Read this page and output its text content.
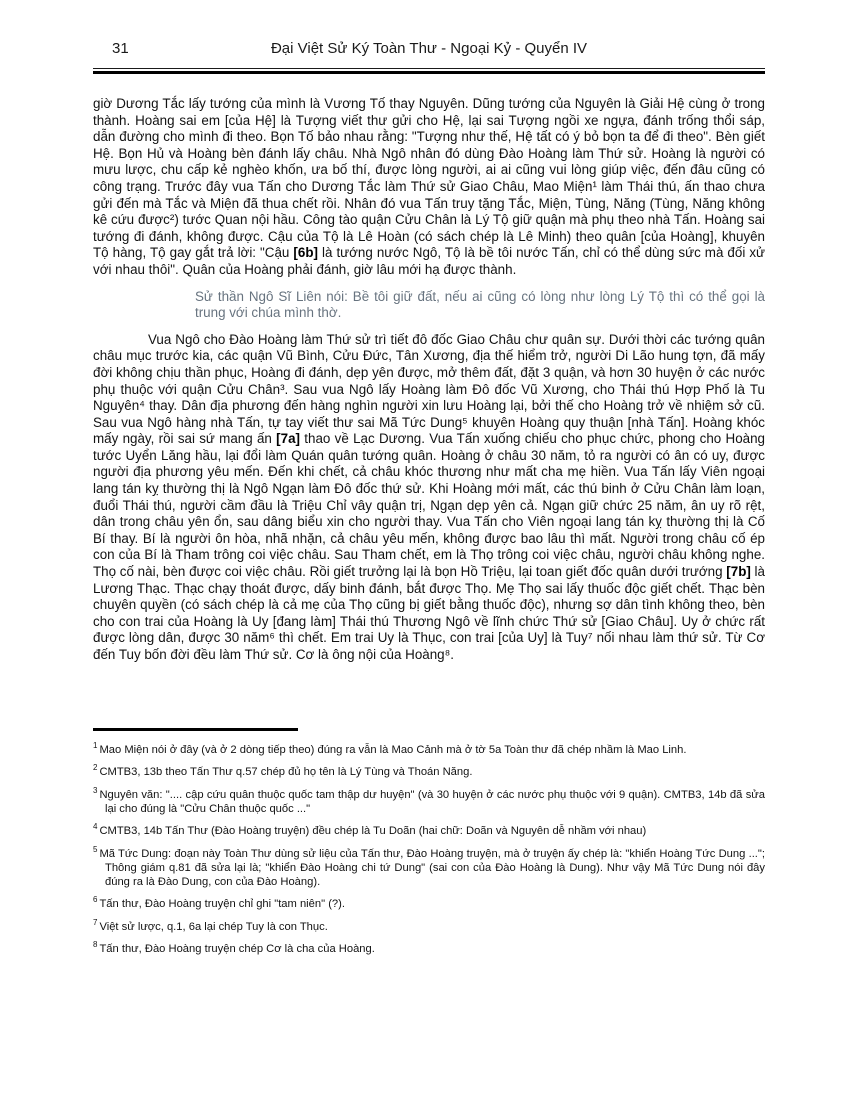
31	Đại Việt Sử Ký Toàn Thư - Ngoại Kỷ - Quyển IV

giờ Dương Tắc lấy tướng của mình là Vương Tố thay Nguyên. Dũng tướng của Nguyên là Giải Hệ cùng ở trong thành. Hoàng sai em [của Hệ] là Tượng viết thư gửi cho Hệ, lại sai Tượng ngồi xe ngựa, đánh trống thổi sáp, dẫn đường cho mình đi theo. Bọn Tố bảo nhau rằng: "Tượng như thế, Hệ tất có ý bỏ bọn ta để đi theo". Bèn giết Hệ. Bọn Hủ và Hoàng bèn đánh lấy châu. Nhà Ngô nhân đó dùng Đào Hoàng làm Thứ sử. Hoàng là người có mưu lược, chu cấp kẻ nghèo khốn, ưa bố thí, được lòng người, ai ai cũng vui lòng giúp việc, đến đâu cũng có công trạng. Trước đây vua Tấn cho Dương Tắc làm Thứ sử Giao Châu, Mao Miện¹ làm Thái thú, ấn thao chưa gửi đến mà Tắc và Miện đã thua chết rồi. Nhân đó vua Tấn truy tặng Tắc, Miện, Tùng, Năng (Tùng, Năng không kê cứu được²) tước Quan nội hầu. Công tào quận Cửu Chân là Lý Tộ giữ quận mà phụ theo nhà Tấn. Hoàng sai tướng đi đánh, không được. Cậu của Tộ là Lê Hoàn (có sách chép là Lê Minh) theo quân [của Hoàng], khuyên Tộ hàng, Tộ gay gắt trả lời: "Cậu [6b] là tướng nước Ngô, Tộ là bề tôi nước Tấn, chỉ có thể dùng sức mà đối xử với nhau thôi". Quân của Hoàng phải đánh, giờ lâu mới hạ được thành.

Sử thần Ngô Sĩ Liên nói: Bề tôi giữ đất, nếu ai cũng có lòng như lòng Lý Tộ thì có thể gọi là trung với chúa mình thờ.

Vua Ngô cho Đào Hoàng làm Thứ sử trì tiết đô đốc Giao Châu chư quân sự. Dưới thời các tướng quân châu mục trước kia, các quận Vũ Bình, Cửu Đức, Tân Xương, địa thế hiểm trở, người Di Lão hung tợn, đã mấy đời không chịu thần phục, Hoàng đi đánh, dẹp yên được, mở thêm đất, đặt 3 quận, và hơn 30 huyện ở các nước phụ thuộc với quận Cửu Chân³. Sau vua Ngô lấy Hoàng làm Đô đốc Vũ Xương, cho Thái thú Hợp Phố là Tu Nguyên⁴ thay. Dân địa phương đến hàng nghìn người xin lưu Hoàng lại, bởi thế cho Hoàng trở về nhiệm sở cũ. Sau vua Ngô hàng nhà Tấn, tự tay viết thư sai Mã Tức Dung⁵ khuyên Hoàng quy thuận [nhà Tấn]. Hoàng khóc mấy ngày, rồi sai sứ mang ấn [7a] thao về Lạc Dương. Vua Tấn xuống chiếu cho phục chức, phong cho Hoàng tước Uyển Lăng hầu, lại đổi làm Quán quân tướng quân. Hoàng ở châu 30 năm, tỏ ra người có ân có uy, được người địa phương yêu mến. Đến khi chết, cả châu khóc thương như mất cha mẹ hiền. Vua Tấn lấy Viên ngoại lang tán kỵ thường thị là Ngô Ngạn làm Đô đốc thứ sử. Khi Hoàng mới mất, các thú binh ở Cửu Chân làm loạn, đuổi Thái thú, người cầm đầu là Triệu Chỉ vây quận trị, Ngạn dẹp yên cả. Ngạn giữ chức 25 năm, ân uy rõ rệt, dân trong châu yên ổn, sau dâng biểu xin cho người thay. Vua Tấn cho Viên ngoại lang tán kỵ thường thị là Cố Bí thay. Bí là người ôn hòa, nhã nhặn, cả châu yêu mến, không được bao lâu thì mất. Người trong châu cố ép con của Bí là Tham trông coi việc châu. Sau Tham chết, em là Thọ trông coi việc châu, người châu không nghe. Thọ cố nài, bèn được coi việc châu. Rồi giết trưởng lại là bọn Hồ Triệu, lại toan giết đốc quân dưới trướng [7b] là Lương Thạc. Thạc chạy thoát được, dấy binh đánh, bắt được Thọ. Mẹ Thọ sai lấy thuốc độc giết chết. Thạc bèn chuyên quyền (có sách chép là cả mẹ của Thọ cũng bị giết bằng thuốc độc), nhưng sợ dân tình không theo, bèn cho con trai của Hoàng là Uy [đang làm] Thái thú Thương Ngô về lĩnh chức Thứ sử [Giao Châu]. Uy ở chức rất được lòng dân, được 30 năm⁶ thì chết. Em trai Uy là Thục, con trai [của Uy] là Tuy⁷ nối nhau làm thứ sử. Từ Cơ đến Tuy bốn đời đều làm Thứ sử. Cơ là ông nội của Hoàng⁸.

$^1$ Mao Miện nói ở đây (và ở 2 dòng tiếp theo) đúng ra vẫn là Mao Cảnh mà ở tờ 5a Toàn thư đã chép nhầm là Mao Linh.
$^2$ CMTB3, 13b theo Tấn Thư q.57 chép đủ họ tên là Lý Tùng và Thoán Năng.
$^3$ Nguyên văn: ".... cập cứu quân thuộc quốc tam thập dư huyện" (và 30 huyện ở các nước phụ thuộc với 9 quận). CMTB3, 14b đã sửa lại cho đúng là "Cửu Chân thuộc quốc ..."
$^4$ CMTB3, 14b Tấn Thư (Đào Hoàng truyện) đều chép là Tu Doãn (hai chữ: Doãn và Nguyên dễ nhầm với nhau)
$^5$ Mã Tức Dung: đoạn này Toàn Thư dùng sử liệu của Tấn thư, Đào Hoàng truyện, mà ở truyện ấy chép là: "khiển Hoàng Tức Dung ..."; Thông giám q.81 đã sửa lại là; "khiển Đào Hoàng chi tứ Dung" (sai con của Đào Hoàng là Dung). Như vậy Mã Tức Dung nói đây đúng ra là Đào Dung, con của Đào Hoàng).
$^6$ Tấn thư, Đào Hoàng truyện chỉ ghi "tam niên" (?).
$^7$ Việt sử lược, q.1, 6a lại chép Tuy là con Thục.
$^8$ Tấn thư, Đào Hoàng truyện chép Cơ là cha của Hoàng.
